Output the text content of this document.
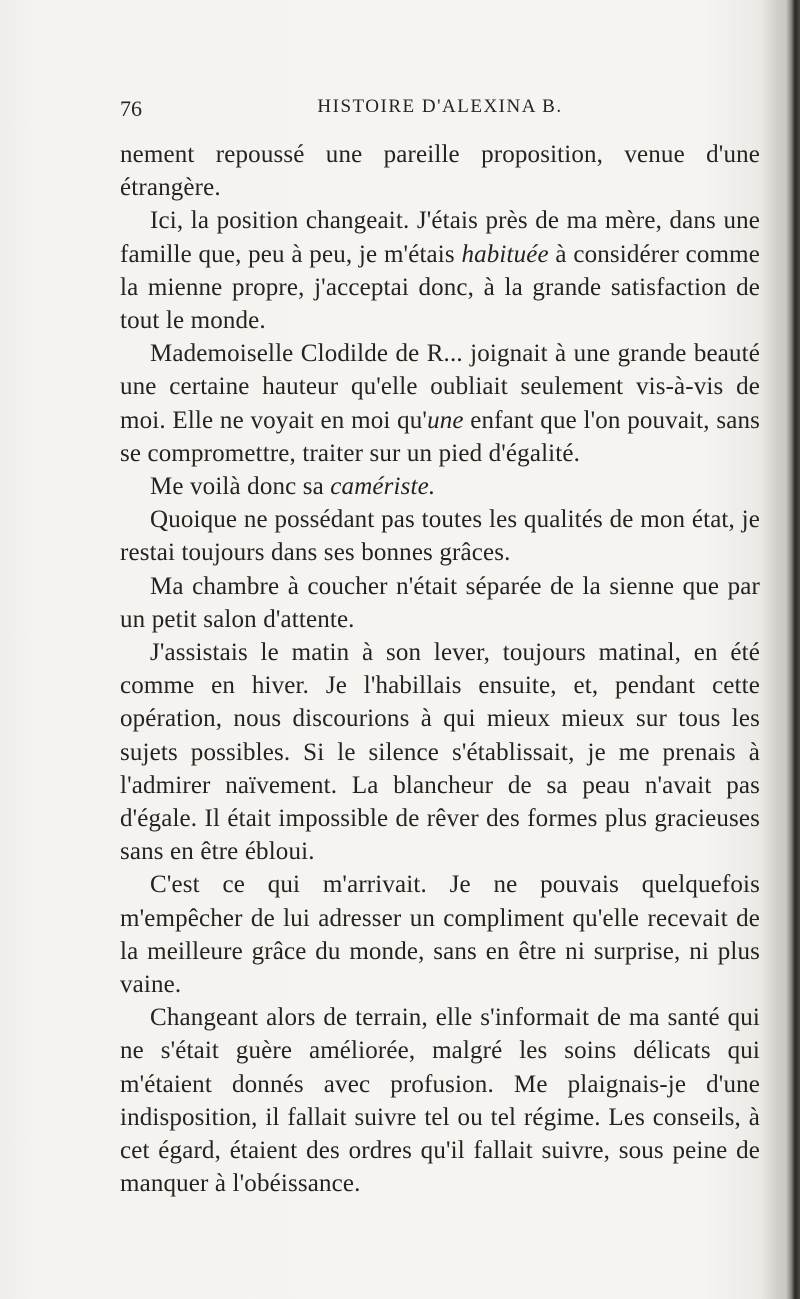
76	HISTOIRE D'ALEXINA B.

nement repoussé une pareille proposition, venue d'une étrangère.

Ici, la position changeait. J'étais près de ma mère, dans une famille que, peu à peu, je m'étais habituée à considérer comme la mienne propre, j'acceptai donc, à la grande satisfaction de tout le monde.

Mademoiselle Clodilde de R... joignait à une grande beauté une certaine hauteur qu'elle oubliait seulement vis-à-vis de moi. Elle ne voyait en moi qu'une enfant que l'on pouvait, sans se compromettre, traiter sur un pied d'égalité.

Me voilà donc sa camériste.

Quoique ne possédant pas toutes les qualités de mon état, je restai toujours dans ses bonnes grâces.

Ma chambre à coucher n'était séparée de la sienne que par un petit salon d'attente.

J'assistais le matin à son lever, toujours matinal, en été comme en hiver. Je l'habillais ensuite, et, pendant cette opération, nous discourions à qui mieux mieux sur tous les sujets possibles. Si le silence s'établissait, je me prenais à l'admirer naïvement. La blancheur de sa peau n'avait pas d'égale. Il était impossible de rêver des formes plus gracieuses sans en être ébloui.

C'est ce qui m'arrivait. Je ne pouvais quelquefois m'empêcher de lui adresser un compliment qu'elle recevait de la meilleure grâce du monde, sans en être ni surprise, ni plus vaine.

Changeant alors de terrain, elle s'informait de ma santé qui ne s'était guère améliorée, malgré les soins délicats qui m'étaient donnés avec profusion. Me plaignais-je d'une indisposition, il fallait suivre tel ou tel régime. Les conseils, à cet égard, étaient des ordres qu'il fallait suivre, sous peine de manquer à l'obéissance.
